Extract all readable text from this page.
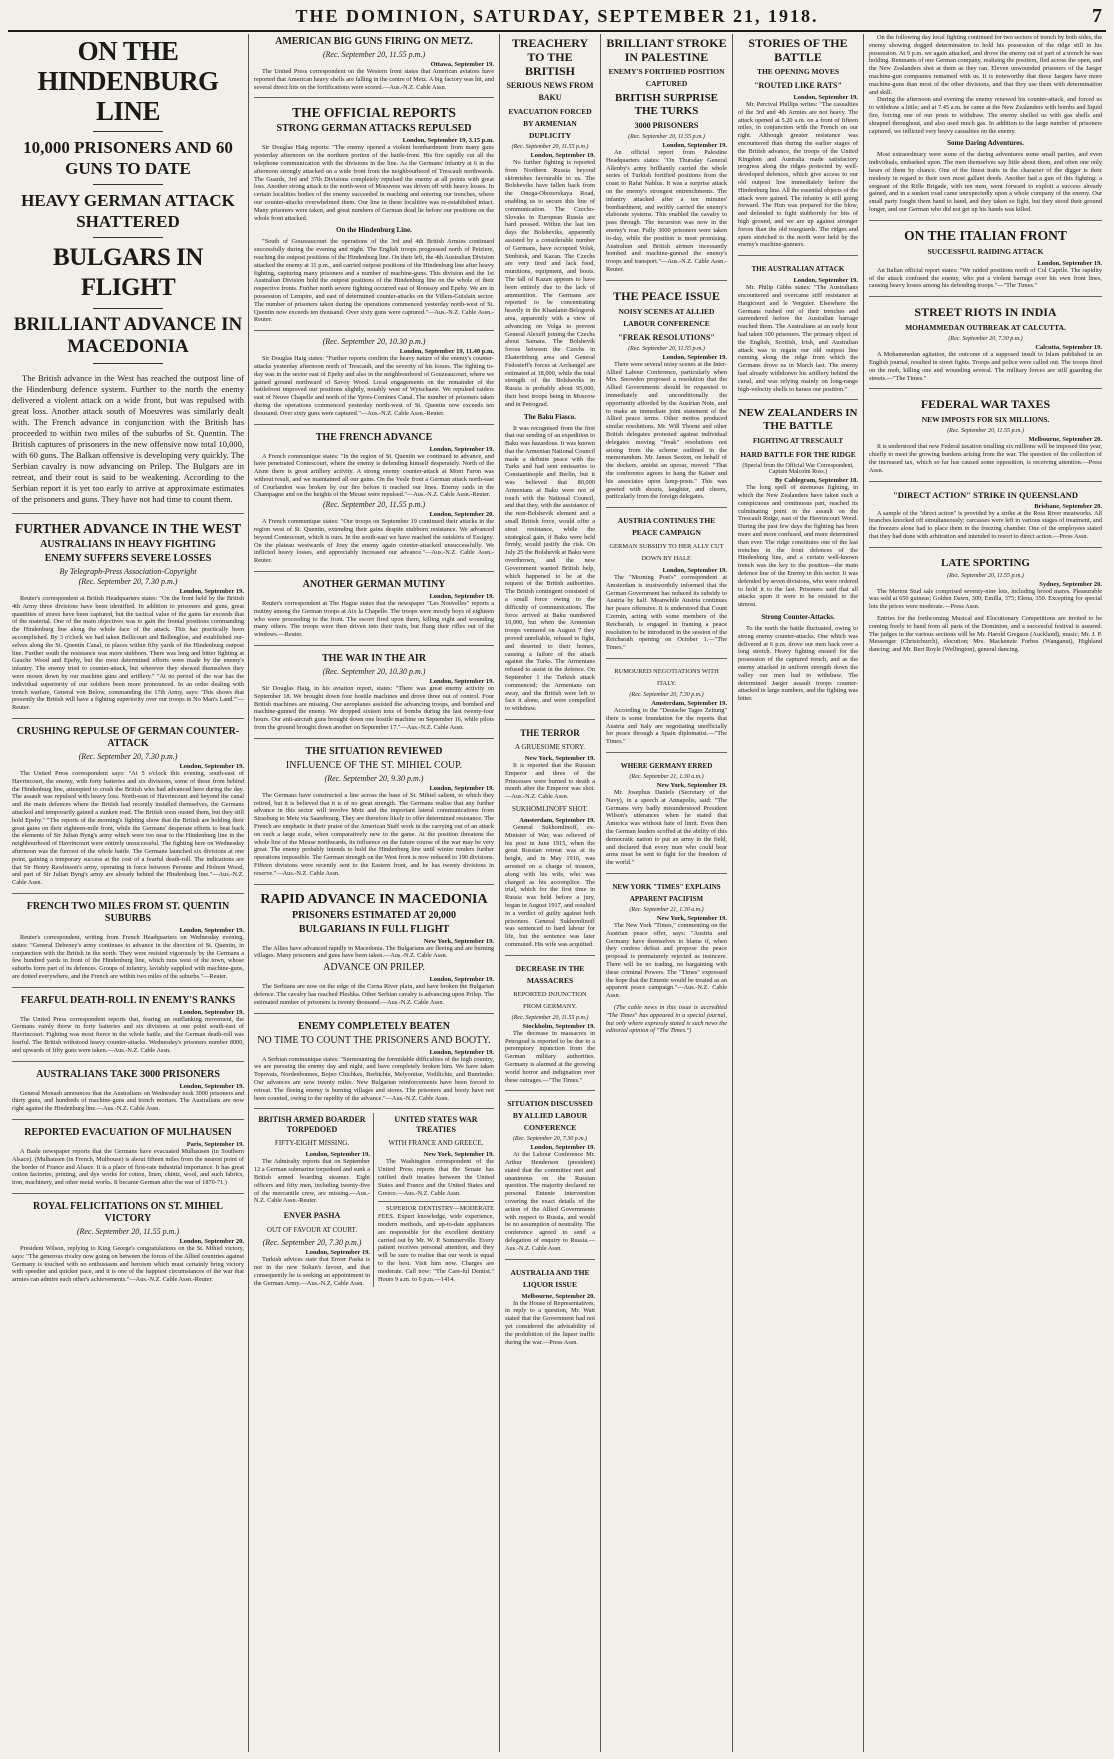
THE DOMINION, SATURDAY, SEPTEMBER 21, 1918.	7
ON THE HINDENBURG LINE
10,000 PRISONERS AND 60 GUNS TO DATE
HEAVY GERMAN ATTACK SHATTERED
BULGARS IN FLIGHT
BRILLIANT ADVANCE IN MACEDONIA

The British advance in the West has reached the outpost line of the Hindenburg defence system. Further to the north the enemy delivered a violent attack on a wide front, but was repulsed with great loss. Another attack south of Moeuvres was similarly dealt with. The French advance in conjunction with the British has proceeded to within two miles of the suburbs of St. Quentin. The British captures of prisoners in the new offensive now total 10,000, with 60 guns. The Balkan offensive is developing very quickly. The Serbian cavalry is now advancing on Prilep. The Bulgars are in retreat, and their rout is said to be weakening. According to the Serbian report it is yet too early to arrive at approximate estimates of the prisoners and guns. They have not had time to count them.

FURTHER ADVANCE IN THE WEST
AUSTRALIANS IN HEAVY FIGHTING
ENEMY SUFFERS SEVERE LOSSES
By Telegraph-Press Association-Copyright
(Rec. September 20, 7.30 p.m.)
London, September 19.

Reuter's correspondent at British Headquarters states: "On the front held by the British 4th Army three divisions have been identified. In addition to prisoners and guns, great quantities of stores have been captured, but the tactical value of the gains far exceeds that of the material. One of the main objectives was to gain the frontal positions commanding the Hindenburg line along the whole face of the attack. This has practically been accomplished. By 3 o'clock we had taken Bellicourt and Bellenglise, and established our-selves along the St. Quentin Canal, in places within fifty yards of the Hindenburg outpost line. Further south the resistance was more stubborn. There was long and bitter fighting at Gauche Wood and Epehy, but the most determined efforts were made by the enemy's infantry. The enemy tried to counter-attack, but wherever they showed themselves they were mown down by our machine guns and artillery." "At no period of the war has the individual superiority of our soldiers been more pronounced. In an order dealing with trench warfare, General von Below, commanding the 17th Army, says: 'This shows that presently the British will have a fighting superiority over our troops in No Man's Land.'"—Reuter.

CRUSHING REPULSE OF GERMAN COUNTER-ATTACK
(Rec. September 20, 7.30 p.m.)
London, September 19.

The United Press correspondent says: "At 5 o'clock this evening, south-east of Havrincourt, the enemy, with forty batteries and six divisions, some of these from behind the Hindenburg line, attempted to crush the British who had advanced here during the day. The assault was repulsed with heavy loss. North-east of Havrincourt and beyond the canal and the main defences where the British had recently installed themselves, the Germans attacked and temporarily gained a sunken road. The British soon ousted them, but they still hold Epehy." "The reports of the morning's fighting show that the British are holding their great gains on their eighteen-mile front, while the Germans' desperate efforts to beat back the elements of Sir Julian Byng's army which were too near to the Hindenburg line in the neighbourhood of Havrincourt were entirely unsuccessful. The fighting here on Wednesday afternoon was the fiercest of the whole battle. The Germans launched six divisions at one point, gaining a temporary success at the cost of a fearful death-roll. The indications are that Sir Henry Rawlinson's army, operating in force between Peronne and Holnon Wood, and part of Sir Julian Byng's army are already behind the Hindenburg line."—Aus.-N.Z. Cable Assn.

FRENCH TWO MILES FROM ST. QUENTIN SUBURBS
London, September 19.

Reuter's correspondent, writing from French Headquarters on Wednesday evening, states: "General Debeney's army continues to advance in the direction of St. Quentin, in conjunction with the British in the north. They were resisted vigorously by the Germans a few hundred yards in front of the Hindenburg line, which runs west of the town, whose suburbs form part of its defences. Groups of infantry, lavishly supplied with machine-guns, are dotted everywhere, and the French are within two miles of the suburbs."—Reuter.

FEARFUL DEATH-ROLL IN ENEMY'S RANKS
London, September 19.

The United Press correspondent reports that, fearing an outflanking movement, the Germans vainly threw in forty batteries and six divisions at one point south-east of Havrincourt. Fighting was most fierce in the whole battle, and the German death-roll was fearful. The British withstood heavy counter-attacks. Wednesday's prisoners number 8000, and upwards of fifty guns were taken.—Aus.-N.Z. Cable Assn.

AUSTRALIANS TAKE 3000 PRISONERS
London, September 19.

General Monash announces that the Australians on Wednesday took 3000 prisoners and thirty guns, and hundreds of machine-guns and trench mortars. The Australians are now right against the Hindenburg line.—Aus.-N.Z. Cable Assn.

REPORTED EVACUATION OF MULHAUSEN
Paris, September 19.

A Basle newspaper reports that the Germans have evacuated Mulhausen (in Southern Alsace). (Mulhausen (in French, Mulhouse) is about fifteen miles from the nearest point of the border of France and Alsace. It is a place of first-rate industrial importance. It has great cotton factories, printing, and dye works for cotton, linen, chintz, wool, and such fabrics, iron, machinery, and other metal works. It became German after the war of 1870-71.)

ROYAL FELICITATIONS ON ST. MIHIEL VICTORY
(Rec. September 20, 11.55 p.m.)
London, September 20.

President Wilson, replying to King George's congratulations on the St. Mihiel victory, says: "The generous rivalry now going on between the forces of the Allied countries against Germany is touched with no enthusiasm and heroism which must certainly bring victory with speedier and quicker pace, and it is one of the happiest circumstances of the war that armies can admire each other's achievements."—Aus.-N.Z. Cable Assn.-Reuter.

AMERICAN BIG GUNS FIRING ON METZ.
(Rec. September 20, 11.55 p.m.)
Ottawa, September 19.

The United Press correspondent on the Western front states that American aviators have reported that American heavy shells are falling in the centre of Metz. A big factory was hit, and several direct hits on the fortifications were scored.—Aus.-N.Z. Cable Assn.

THE OFFICIAL REPORTS
STRONG GERMAN ATTACKS REPULSED
London, September 19, 3.15 p.m.

Sir Douglas Haig reports: "The enemy opened a violent bombardment from many guns yesterday afternoon on the northern portion of the battle-front. His fire rapidly cut all the telephone communication with the divisions in the line. As the Germans' infantry at 6 in the afternoon strongly attacked on a wide front from the neighbourhood of Trescault northwards. The Guards, 3rd and 37th Divisions completely repulsed the enemy at all points with great loss. Another strong attack to the north-west of Moeuvres was driven off with heavy losses. In certain localities bodies of the enemy succeeded in reaching and entering our trenches, where our counter-attacks overwhelmed them. Our line in these localities was re-established intact. Many prisoners were taken, and great numbers of German dead lie before our positions on the whole front attacked.

On the Hindenburg Line.

"South of Gouzeaucourt the operations of the 3rd and 4th British Armies continued successfully during the evening and night. The English troops progressed north of Peiziere, reaching the outpost positions of the Hindenburg line. On their left, the 4th Australian Division attacked the enemy at 11 p.m., and carried outpost positions of the Hindenburg line after heavy fighting, capturing many prisoners and a number of machine-guns. This division and the 1st Australian Division hold the outpost positions of the Hindenburg line on the whole of their respective fronts. Further north severe fighting occurred east of Ronssoy and Epehy. We are in possession of Lempire, and east of determined counter-attacks on the Villers-Guislain sector. The number of prisoners taken during the operations commenced yesterday north-west of St. Quentin now exceeds ten thousand. Over sixty guns were captured."—Aus.-N.Z. Cable Assn.-Reuter.

(Rec. September 20, 10.30 p.m.)
London, September 19, 11.40 p.m.

Sir Douglas Haig states: "Further reports confirm the heavy nature of the enemy's counter-attacks yesterday afternoon north of Trescault, and the severity of his losses. The fighting to-day was in the sector east of Epehy and also in the neighbourhood of Gouzeaucourt, where we gained ground northward of Savoy Wood. Local engagements on the remainder of the battlefront improved our positions slightly, notably west of Wytschaete. We repulsed raiders east of Neuve Chapelle and north of the Ypres-Comines Canal. The number of prisoners taken during the operations commenced yesterday north-west of St. Quentin now exceeds ten thousand. Over sixty guns were captured."—Aus.-N.Z. Cable Assn.-Reuter.

THE FRENCH ADVANCE
London, September 19.

A French communique states: "In the region of St. Quentin we continued to advance, and have penetrated Contescourt, where the enemy is defending himself desperately. North of the Aisne there is great artillery activity. A strong enemy counter-attack at Mont Faron was without result, and we maintained all our gains. On the Vesle front a German attack north-east of Courlandon was broken by our fire before it reached our lines. Enemy raids in the Champagne and on the heights of the Meuse were repulsed."—Aus.-N.Z. Cable Assn.-Reuter.

(Rec. September 20, 11.55 p.m.)
London, September 20.

A French communique states: "Our troops on September 19 continued their attacks in the region west of St. Quentin, extending their gains despite stubborn resistance. We advanced beyond Contescourt, which is ours. In the south-east we have reached the outskirts of Essigny. On the plateau westwards of Jouy the enemy again counter-attacked unsuccessfully. We inflicted heavy losses, and appreciably increased our advance."—Aus.-N.Z. Cable Assn.-Reuter.

ANOTHER GERMAN MUTINY
London, September 19.

Reuter's correspondent at The Hague states that the newspaper "Les Nouvelles" reports a mutiny among the German troops at Aix la Chapelle. The troops were mostly boys of eighteen who were proceeding to the front. The escort fired upon them, killing eight and wounding many others. The troops were then driven into their train, but flung their rifles out of the windows.—Reuter.

THE WAR IN THE AIR
(Rec. September 20, 10.30 p.m.)
London, September 19.

Sir Douglas Haig, in his aviation report, states: "There was great enemy activity on September 18. We brought down four hostile machines and drove three out of control. Four British machines are missing. Our aeroplanes assisted the advancing troops, and bombed and machine-gunned the enemy. We dropped sixteen tons of bombs during the last twenty-four hours. Our anti-aircraft guns brought down one hostile machine on September 16, while pilots from the ground brought down another on September 17."—Aus.-N.Z. Cable Assn.

THE SITUATION REVIEWED
INFLUENCE OF THE ST. MIHIEL COUP.
(Rec. September 20, 9.30 p.m.)
London, September 19.

The Germans have constructed a line across the base of St. Mihiel salient, to which they retired, but it is believed that it is of no great strength. The Germans realise that any further advance in this sector will involve Metz and the important lateral communications from Strasburg to Metz via Saarebourg. They are therefore likely to offer determined resistance. The French are emphatic in their praise of the American Staff work in the carrying out of an attack on such a large scale, when comparatively new to the game. At the position threatens the whole line of the Meuse northwards, its influence on the future course of the war may be very great. The enemy probably intends to hold the Hindenburg line until winter renders further operations impossible. The German strength on the West front is now reduced to 190 divisions. Fifteen divisions were recently sent to the Eastern front, and he has twenty divisions in reserve."—Aus.-N.Z. Cable Assn.

RAPID ADVANCE IN MACEDONIA
PRISONERS ESTIMATED AT 20,000
BULGARIANS IN FULL FLIGHT
New York, September 19.

The Allies have advanced rapidly in Macedonia. The Bulgarians are fleeing and are burning villages. Many prisoners and guns have been taken.—Aus.-N.Z. Cable Assn.

ADVANCE ON PRILEP.
London, September 19.

The Serbians are now on the edge of the Cerna River plain, and have broken the Bulgarian defence. The cavalry has reached Pleshka. Other Serbian cavalry is advancing upon Prilep. The estimated number of prisoners is twenty thousand.—Aus.-N.Z. Cable Assn.

ENEMY COMPLETELY BEATEN
NO TIME TO COUNT THE PRISONERS AND BOOTY.
London, September 19.

A Serbian communique states: "Surmounting the formidable difficulties of the high country, we are pursuing the enemy day and night, and have completely broken him. We have taken Topovats, Nordenbonnes, Bojno Chichkes, Berbichte, Melyonitse, Vodilichte, and Bunrinder. Our advances are now twenty miles. New Bulgarian reinforcements have been forced to retreat. The fleeing enemy is burning villages and stores. The prisoners and booty have not been counted, owing to the rapidity of the advance."—Aus.-N.Z. Cable Assn.

BRITISH ARMED BOARDER TORPEDOED
FIFTY-EIGHT MISSING.
London, September 19.

The Admiralty reports that on September 12 a German submarine torpedoed and sunk a British armed boarding steamer. Eight officers and fifty men, including twenty-five of the mercantile crew, are missing.—Aus.-N.Z. Cable Assn.-Reuter.

ENVER PASHA
OUT OF FAVOUR AT COURT.
(Rec. September 20, 7.30 p.m.)
London, September 19.

Turkish advices state that Enver Pasha is not in the new Sultan's favour, and that consequently he is seeking an appointment in the German Army.—Aus.-N.Z. Cable Assn.

UNITED STATES WAR TREATIES
WITH FRANCE AND GREECE.
New York, September 19.

The Washington correspondent of the United Press reports that the Senate has ratified draft treaties between the United States and France and the United States and Greece.—Aus.-N.Z. Cable Assn.

SUPERIOR DENTISTRY—MODERATE FEES. Expert knowledge, wide experience, modern methods, and up-to-date appliances are responsible for the excellent dentistry carried out by Mr. W. P. Sommerville. Every patient receives personal attention, and they will be sure to realise that our work is equal to the best. Visit him now. Charges are moderate. Call now: "The Care-ful Dentist." Hours 9 a.m. to 6 p.m.—1414.

TREACHERY TO THE BRITISH
SERIOUS NEWS FROM BAKU
EVACUATION FORCED BY ARMENIAN DUPLICITY
(Rec. September 20, 11.55 p.m.)
London, September 19.

No further fighting is reported from Northern Russia beyond skirmishes favourable to us. The Bolsheviks have fallen back from the Onega-Obozerskaya Road, enabling us to secure this line of communication. The Czecho-Slovaks in European Russia are hard pressed. Within the last ten days the Bolsheviks, apparently assisted by a considerable number of Germans, have occupied Volsk, Simbirsk, and Kazan. The Czechs are very tired and lack food, munitions, equipment, and boots. The fall of Kazan appears to have been entirely due to the lack of ammunition. The Germans are reported to be concentrating heavily in the Khanlatut-Belogorsk area, apparently with a view of advancing on Volga to prevent General Alexeff joining the Czechs about Samara. The Bolshevik forces between the Czechs in Ekaterinburg area and General Fedosieff's forces at Archangel are estimated at 18,000, while the total strength of the Bolsheviks in Russia is probably about 95,000, their best troops being in Moscow and in Petrograd.

The Baku Fiasco.

It was recognised from the first that our sending of an expedition to Baku was hazardous. It was known that the Armenian National Council made a definite peace with the Turks and had sent emissaries to Constantinople and Berlin, but it was believed that 80,000 Armenians at Baku were not of touch with the National Council, and that they, with the assistance of the non-Bolshevik element and a small British force, would offer a stout resistance, while the strategical gain, if Baku were held firmly, would justify the risk. On July 25 the Bolshevik at Baku were overthrown, and the new Government wanted British help, which happened to be at the request of the British authorities. The British contingent consisted of a small force owing to the difficulty of communications. The force arrived at Baku numbered 10,000, but when the Armenian troops ventured on August 7 they proved unreliable, refused to fight, and deserted to their homes, causing a failure of the attack against the Turks. The Armenians refused to assist in the defence. On September 1 the Turkish attack commenced; the Armenians ran away, and the British were left to face it alone, and were compelled to withdraw.

THE TERROR
A GRUESOME STORY.
New York, September 19.

It is reported that the Russian Emperor and three of the Princesses were burned to death a month after the Emperor was shot.—Aus.-N.Z. Cable Assn.

SUKHOMLINOFF SHOT.
Amsterdam, September 19.

General Sukhomlinoff, ex-Minister of War, was relieved of his post in June 1915, when the great Russian retreat was at its height, and in May 1916, was arrested on a charge of treason, along with his wife, who was charged as his accomplice. The trial, which for the first time in Russia was held before a jury, began in August 1917, and resulted in a verdict of guilty against both prisoners. General Sukhomlinoff was sentenced to hard labour for life, but the sentence was later commuted. His wife was acquitted.

DECREASE IN THE MASSACRES
REPORTED INJUNCTION FROM GERMANY.
(Rec. September 20, 11.55 p.m.)
Stockholm, September 19.

The decrease in massacres in Petrograd is reported to be due to a peremptory injunction from the German military authorities. Germany is alarmed at the growing world horror and indignation over these outrages.—"The Times."

SITUATION DISCUSSED BY ALLIED LABOUR CONFERENCE
(Rec. September 20, 7.30 p.m.)
London, September 19.

At the Labour Conference Mr. Arthur Henderson (president) stated that the committee met and unanimous on the Russian question. The majority declared no personal Entente intervention covering the exact details of the action of the Allied Governments with respect to Russia, and would be no assumption of neutrality. The conference agreed to send a delegation of enquiry to Russia.—Aus.-N.Z. Cable Assn.

AUSTRALIA AND THE LIQUOR ISSUE
Melbourne, September 20.

In the House of Representatives, in reply to a question, Mr. Watt stated that the Government had not yet considered the advisability of the prohibition of the liquor traffic during the war.—Press Assn.

BRILLIANT STROKE IN PALESTINE
ENEMY'S FORTIFIED POSITION CAPTURED
BRITISH SURPRISE THE TURKS
3000 PRISONERS
(Rec. September 20, 11.55 p.m.)
London, September 19.

An official report from Palestine Headquarters states: "On Thursday General Allenby's army brilliantly carried the whole series of Turkish fortified positions from the coast to Rafat Nablus. It was a surprise attack on the enemy's strongest entrenchments. The infantry attacked after a ten minutes' bombardment, and swiftly carried the enemy's elaborate systems. This enabled the cavalry to pass through. The incursion was now in the enemy's rear. Fully 3000 prisoners were taken to-day, while the position is most promising. Australian and British airmen incessantly bombed and machine-gunned the enemy's troops and transport."—Aus.-N.Z. Cable Assn.-Reuter.

THE PEACE ISSUE
NOISY SCENES AT ALLIED LABOUR CONFERENCE
"FREAK RESOLUTIONS"
(Rec. September 20, 11.55 p.m.)
London, September 19.

There were several noisy scenes at the Inter-Allied Labour Conference, particularly when Mrs. Snowden proposed a resolution that the Allied Governments should be requested to immediately and unconditionally the opportunity afforded by the Austrian Note, and to make an immediate joint statement of the Allied peace terms. Other mottos produced similar resolutions. Mr. Will Thorne and other British delegates protested against individual delegates moving "freak" resolutions not arising from the scheme outlined in the memorandum. Mr. James Sexton, on behalf of the dockers, amidst an uproar, moved: "That the conference agrees to hang the Kaiser and his associates upon lamp-posts." This was greeted with shouts, laughter, and cheers, particularly from the foreign delegates.

AUSTRIA CONTINUES THE PEACE CAMPAIGN
GERMAN SUBSIDY TO HER ALLY CUT DOWN BY HALF.
London, September 19.

The "Morning Post's" correspondent at Amsterdam is trustworthily informed that the German Government has reduced its subsidy to Austria by half. Meanwhile Austria continues her peace offensive. It is understood that Count Czernin, acting with some members of the Reichsrath, is engaged in framing a peace resolution to be introduced in the session of the Reichsrath opening on October 1.—"The Times."

RUMOURED NEGOTIATIONS WITH ITALY.
(Rec. September 20, 7.30 p.m.)
Amsterdam, September 19.

According to the "Deutsche Tages Zeitung" there is some foundation for the reports that Austria and Italy are negotiating unofficially for peace through a Spain diplomatist.—"The Times."

WHERE GERMANY ERRED
(Rec. September 21, 1.30 a.m.)
New York, September 19.

Mr. Josephus Daniels (Secretary of the Navy), in a speech at Annapolis, said: "The Germans very badly misunderstood President Wilson's utterances when he stated that America was without hate of limit. Even then the German leaders scoffed at the ability of this democratic nation to put an army in the field, and declared that every man who could bear arms must be sent to fight for the freedom of the world."

NEW YORK "TIMES" EXPLAINS APPARENT PACIFISM
(Rec. September 21, 1.30 a.m.)
New York, September 19.

The New York "Times," commenting on the Austrian peace offer, says: "Austria and Germany have themselves to blame if, when they confess defeat and propose the peace proposal is prematurely rejected as insincere. There will be no trading, no bargaining with these criminal Powers. The "Times" expressed the hope that the Entente would be treated as an apparent peace campaign."—Aus.-N.Z. Cable Assn.

(The cable news in this issue is accredited "The Times" has appeared in a special journal, but only where expressly stated is such news the editorial opinion of "The Times.")

STORIES OF THE BATTLE
THE OPENING MOVES
"ROUTED LIKE RATS"
London, September 19.

Mr. Percival Phillips writes: "The casualties of the 3rd and 4th Armies are not heavy. The attack opened at 5.20 a.m. on a front of fifteen miles, in conjunction with the French on our right. Although greater resistance was encountered than during the earlier stages of the British advance, the troops of the United Kingdom and Australia made satisfactory progress along the ridges protected by well-developed defences, which give access to our old outpost line immediately before the Hindenburg line. All the essential objects of the attack were gained. The infantry is still going forward. The Hun was prepared for the blow, and defended to fight stubbornly for bits of high ground, and we are up against stronger forces than the old rearguards. The ridges and spurs stretched to the north were held by the enemy's machine-gunners.

THE AUSTRALIAN ATTACK
London, September 19.

Mr. Philip Gibbs states: "The Australians encountered and overcame stiff resistance at Hargicourt and le Verguier. Elsewhere the Germans rushed out of their trenches and surrendered before the Australian barrage reached them. The Australians at an early hour had taken 300 prisoners. The primary object of the English, Scottish, Irish, and Australian attack was to regain our old outpost line running along the ridge from which the Germans drove us in March last. The enemy had already withdrawn his artillery behind the canal, and was relying mainly on long-range high-velocity shells to harass our position."

NEW ZEALANDERS IN THE BATTLE
FIGHTING AT TRESCAULT
HARD BATTLE FOR THE RIDGE
(Special from the Official War Correspondent, Captain Malcolm Ross.)
By Cablegram, September 18.

The long spell of strenuous fighting, in which the New Zealanders have taken such a conspicuous and continuous part, reached its culminating point in the assault on the Trescault Ridge, east of the Havrincourt Wood. During the past few days the fighting has been more and more confused, and more determined than ever. The ridge constitutes one of the last trenches in the front defences of the Hindenburg line, and a certain well-known trench was the key to the position—the main defence line of the Enemy in this sector. It was defended by seven divisions, who were ordered to hold it to the last. Prisoners said that all attacks upon it were to be resisted to the utmost.

Strong Counter-Attacks.

To the north the battle fluctuated, owing to strong enemy counter-attacks. One which was delivered at 6 p.m. drove our men back over a long stretch. Heavy fighting ensued for the possession of the captured trench, and as the enemy attacked in uniform strength down the valley our men had to withdraw. The determined Jaeger assault troops counter-attacked in large numbers, and the fighting was bitter.

On the following day local fighting continued for two sectors of trench by both sides, the enemy showing dogged determination to hold his possession of the ridge still in his possession. At 9 p.m. we again attacked, and drove the enemy out of part of a trench he was holding. Remnants of one German company, realising the position, fled across the open, and the New Zealanders shot at them as they ran. Eleven unwounded prisoners of the Jaeger machine-gun companies remained with us. It is noteworthy that these Jaegers have more machine-guns than most of the other divisions, and that they use them with determination and skill.

During the afternoon and evening the enemy renewed his counter-attack, and forced us to withdraw a little; and at 7.45 a.m. he came at the New Zealanders with bombs and liquid fire, forcing one of our posts to withdraw. The enemy shelled us with gas shells and shrapnel throughout, and also used much gas. In addition to the large number of prisoners captured, we inflicted very heavy casualties on the enemy.

Some Daring Adventures.

Most extraordinary were some of the daring adventures some small parties, and even individuals, embarked upon. The men themselves say little about them, and often one only hears of them by chance. One of the finest traits in the character of the digger is their modesty in regard to their own most gallant deeds. Another had a gun of this fighting: a sergeant of the Rifle Brigade, with ten men, went forward to exploit a success already gained, and in a sunken road came unexpectedly upon a whole company of the enemy. Our small party fought them hand to hand, and they taken so fight, but they stood their ground longer, and our German who did not get up his hands was killed.

ON THE ITALIAN FRONT
SUCCESSFUL RAIDING ATTACK
London, September 19.

An Italian official report states: "We raided positions north of Col Caprile. The rapidity of the attack confused the enemy, who put a violent barrage over his own front lines, causing heavy losses among his defending troops."—"The Times."

STREET RIOTS IN INDIA
MOHAMMEDAN OUTBREAK AT CALCUTTA.
(Rec. September 20, 7.30 p.m.)
Calcutta, September 19.

A Mohammedan agitation, the outcome of a supposed insult to Islam published in an English journal, resulted in street fights. Troops and police were called out. The troops fired on the mob, killing one and wounding several. The military forces are still guarding the streets.—"The Times."

FEDERAL WAR TAXES
NEW IMPOSTS FOR SIX MILLIONS.
(Rec. September 20, 11.55 p.m.)
Melbourne, September 20.

It is understood that new Federal taxation totalling six millions will be imposed this year, chiefly to meet the growing burdens arising from the war. The question of the collection of the increased tax, which so far has caused some opposition, is receiving attention.—Press Assn.

"DIRECT ACTION" STRIKE IN QUEENSLAND
Brisbane, September 20.

A sample of the "direct action" is provided by a strike at the Ross River meatworks. All branches knocked off simultaneously; carcasses were left in various stages of treatment, and the freezers alone had to place them in the freezing chamber. One of the employees stated that they had done with arbitration and intended to resort to direct action.—Press Assn.

LATE SPORTING
(Rec. September 20, 11.55 p.m.)
Sydney, September 20.

The Merton Stud sale comprised seventy-nine lots, including brood mares. Pleasurable was sold at 650 guineas; Golden Dawn, 300; Emilla, 375; Elena, 350. Excepting for special lots the prices were moderate.—Press Assn.

Entries for the forthcoming Musical and Elocutionary Competitions are invited to be coming freely to hand from all parts of the Dominion, and a successful festival is assured. The judges in the various sections will be Mr. Harold Gregson (Auckland), music; Mr. J. P. Messenger (Christchurch), elocution; Mrs. Mackenzie Forbes (Wanganui), Highland dancing; and Mr. Bert Royle (Wellington), general dancing.
